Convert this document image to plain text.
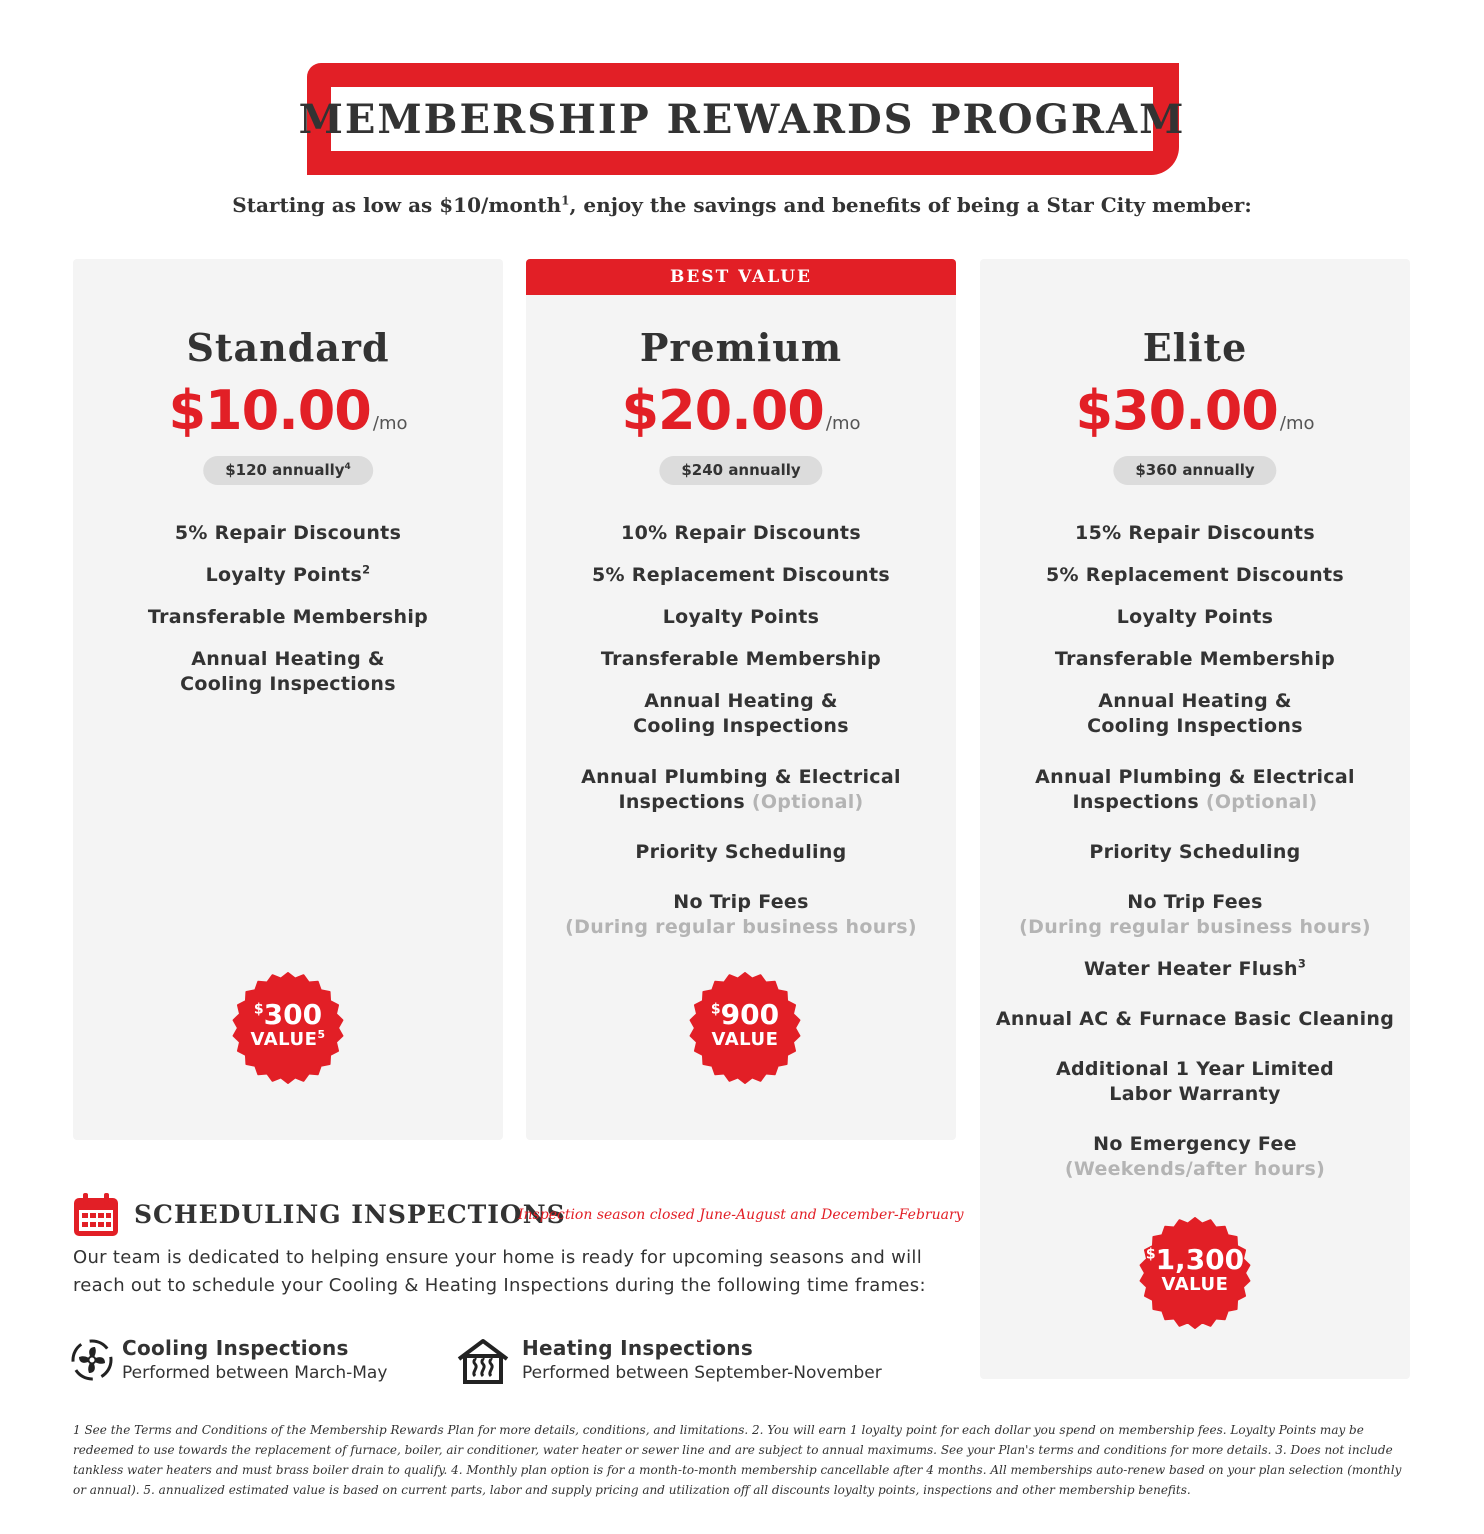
MEMBERSHIP REWARDS PROGRAM

Starting as low as $10/month$^1$, enjoy the savings and benefits of being a Star City member:

Standard
$10.00 /mo
$120 annually$^4$
5% Repair Discounts
Loyalty Points$^2$
Transferable Membership
Annual Heating &
Cooling Inspections
$300
VALUE$^5$
BEST VALUE
Premium
$20.00 /mo
$240 annually
10% Repair Discounts
5% Replacement Discounts
Loyalty Points
Transferable Membership
Annual Heating &
Cooling Inspections
Annual Plumbing & Electrical
Inspections (Optional)
Priority Scheduling
No Trip Fees
(During regular business hours)
$900
VALUE
Elite
$30.00 /mo
$360 annually
15% Repair Discounts
5% Replacement Discounts
Loyalty Points
Transferable Membership
Annual Heating &
Cooling Inspections
Annual Plumbing & Electrical
Inspections (Optional)
Priority Scheduling
No Trip Fees
(During regular business hours)
Water Heater Flush$^3$
Annual AC & Furnace Basic Cleaning
Additional 1 Year Limited
Labor Warranty
No Emergency Fee
(Weekends/after hours)
$1,300
VALUE
SCHEDULING INSPECTIONS

Inspection season closed June-August and December-February

Our team is dedicated to helping ensure your home is ready for upcoming seasons and will reach out to schedule your Cooling & Heating Inspections during the following time frames:

Cooling Inspections
Performed between March-May
Heating Inspections
Performed between September-November

1 See the Terms and Conditions of the Membership Rewards Plan for more details, conditions, and limitations. 2. You will earn 1 loyalty point for each dollar you spend on membership fees. Loyalty Points may be redeemed to use towards the replacement of furnace, boiler, air conditioner, water heater or sewer line and are subject to annual maximums. See your Plan's terms and conditions for more details. 3. Does not include tankless water heaters and must brass boiler drain to qualify. 4. Monthly plan option is for a month-to-month membership cancellable after 4 months. All memberships auto-renew based on your plan selection (monthly or annual). 5. annualized estimated value is based on current parts, labor and supply pricing and utilization off all discounts loyalty points, inspections and other membership benefits.
